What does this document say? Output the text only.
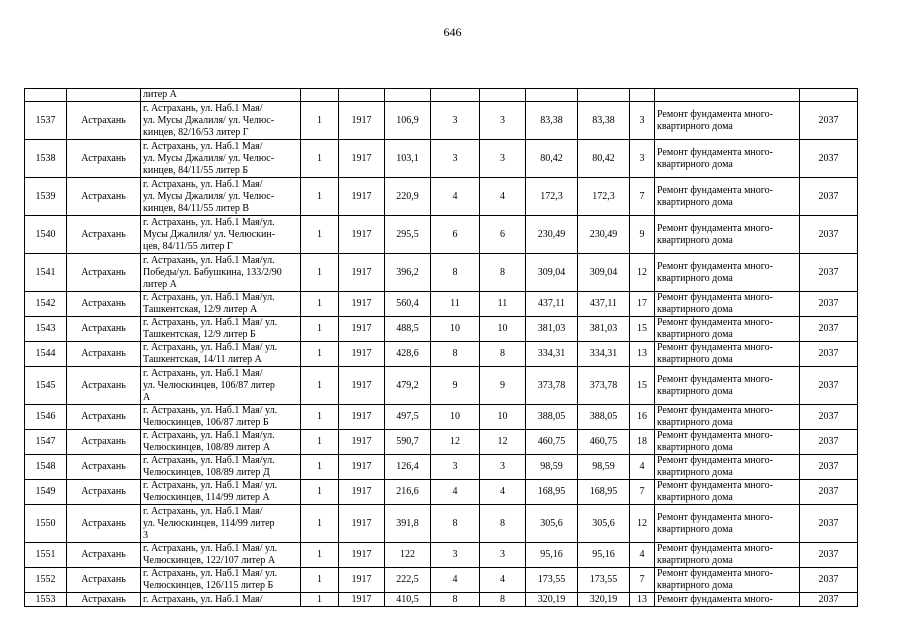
646
		литер А										
1537	Астрахань	г. Астрахань, ул. Наб.1 Мая/
ул. Мусы Джалиля/ ул. Челюс-
кинцев, 82/16/53 литер Г	1	1917	106,9	3	3	83,38	83,38	3	Ремонт фундамента много-
квартирного дома	2037
1538	Астрахань	г. Астрахань, ул. Наб.1 Мая/
ул. Мусы Джалиля/ ул. Челюс-
кинцев, 84/11/55 литер Б	1	1917	103,1	3	3	80,42	80,42	3	Ремонт фундамента много-
квартирного дома	2037
1539	Астрахань	г. Астрахань, ул. Наб.1 Мая/
ул. Мусы Джалиля/ ул. Челюс-
кинцев, 84/11/55 литер В	1	1917	220,9	4	4	172,3	172,3	7	Ремонт фундамента много-
квартирного дома	2037
1540	Астрахань	г. Астрахань, ул. Наб.1 Мая/ул.
Мусы Джалиля/ ул. Челюскин-
цев, 84/11/55 литер Г	1	1917	295,5	6	6	230,49	230,49	9	Ремонт фундамента много-
квартирного дома	2037
1541	Астрахань	г. Астрахань, ул. Наб.1 Мая/ул.
Победы/ул. Бабушкина, 133/2/90
литер А	1	1917	396,2	8	8	309,04	309,04	12	Ремонт фундамента много-
квартирного дома	2037
1542	Астрахань	г. Астрахань, ул. Наб.1 Мая/ул.
Ташкентская, 12/9 литер А	1	1917	560,4	11	11	437,11	437,11	17	Ремонт фундамента много-
квартирного дома	2037
1543	Астрахань	г. Астрахань, ул. Наб.1 Мая/ ул.
Ташкентская, 12/9 литер Б	1	1917	488,5	10	10	381,03	381,03	15	Ремонт фундамента много-
квартирного дома	2037
1544	Астрахань	г. Астрахань, ул. Наб.1 Мая/ ул.
Ташкентская, 14/11 литер А	1	1917	428,6	8	8	334,31	334,31	13	Ремонт фундамента много-
квартирного дома	2037
1545	Астрахань	г. Астрахань, ул. Наб.1 Мая/
ул. Челюскинцев, 106/87 литер
А	1	1917	479,2	9	9	373,78	373,78	15	Ремонт фундамента много-
квартирного дома	2037
1546	Астрахань	г. Астрахань, ул. Наб.1 Мая/ ул.
Челюскинцев, 106/87 литер Б	1	1917	497,5	10	10	388,05	388,05	16	Ремонт фундамента много-
квартирного дома	2037
1547	Астрахань	г. Астрахань, ул. Наб.1 Мая/ул.
Челюскинцев, 108/89 литер А	1	1917	590,7	12	12	460,75	460,75	18	Ремонт фундамента много-
квартирного дома	2037
1548	Астрахань	г. Астрахань, ул. Наб.1 Мая/ул.
Челюскинцев, 108/89 литер Д	1	1917	126,4	3	3	98,59	98,59	4	Ремонт фундамента много-
квартирного дома	2037
1549	Астрахань	г. Астрахань, ул. Наб.1 Мая/ ул.
Челюскинцев, 114/99 литер А	1	1917	216,6	4	4	168,95	168,95	7	Ремонт фундамента много-
квартирного дома	2037
1550	Астрахань	г. Астрахань, ул. Наб.1 Мая/
ул. Челюскинцев, 114/99 литер
3	1	1917	391,8	8	8	305,6	305,6	12	Ремонт фундамента много-
квартирного дома	2037
1551	Астрахань	г. Астрахань, ул. Наб.1 Мая/ ул.
Челюскинцев, 122/107 литер А	1	1917	122	3	3	95,16	95,16	4	Ремонт фундамента много-
квартирного дома	2037
1552	Астрахань	г. Астрахань, ул. Наб.1 Мая/ ул.
Челюскинцев, 126/115 литер Б	1	1917	222,5	4	4	173,55	173,55	7	Ремонт фундамента много-
квартирного дома	2037
1553	Астрахань	г. Астрахань, ул. Наб.1 Мая/	1	1917	410,5	8	8	320,19	320,19	13	Ремонт фундамента много-	2037
